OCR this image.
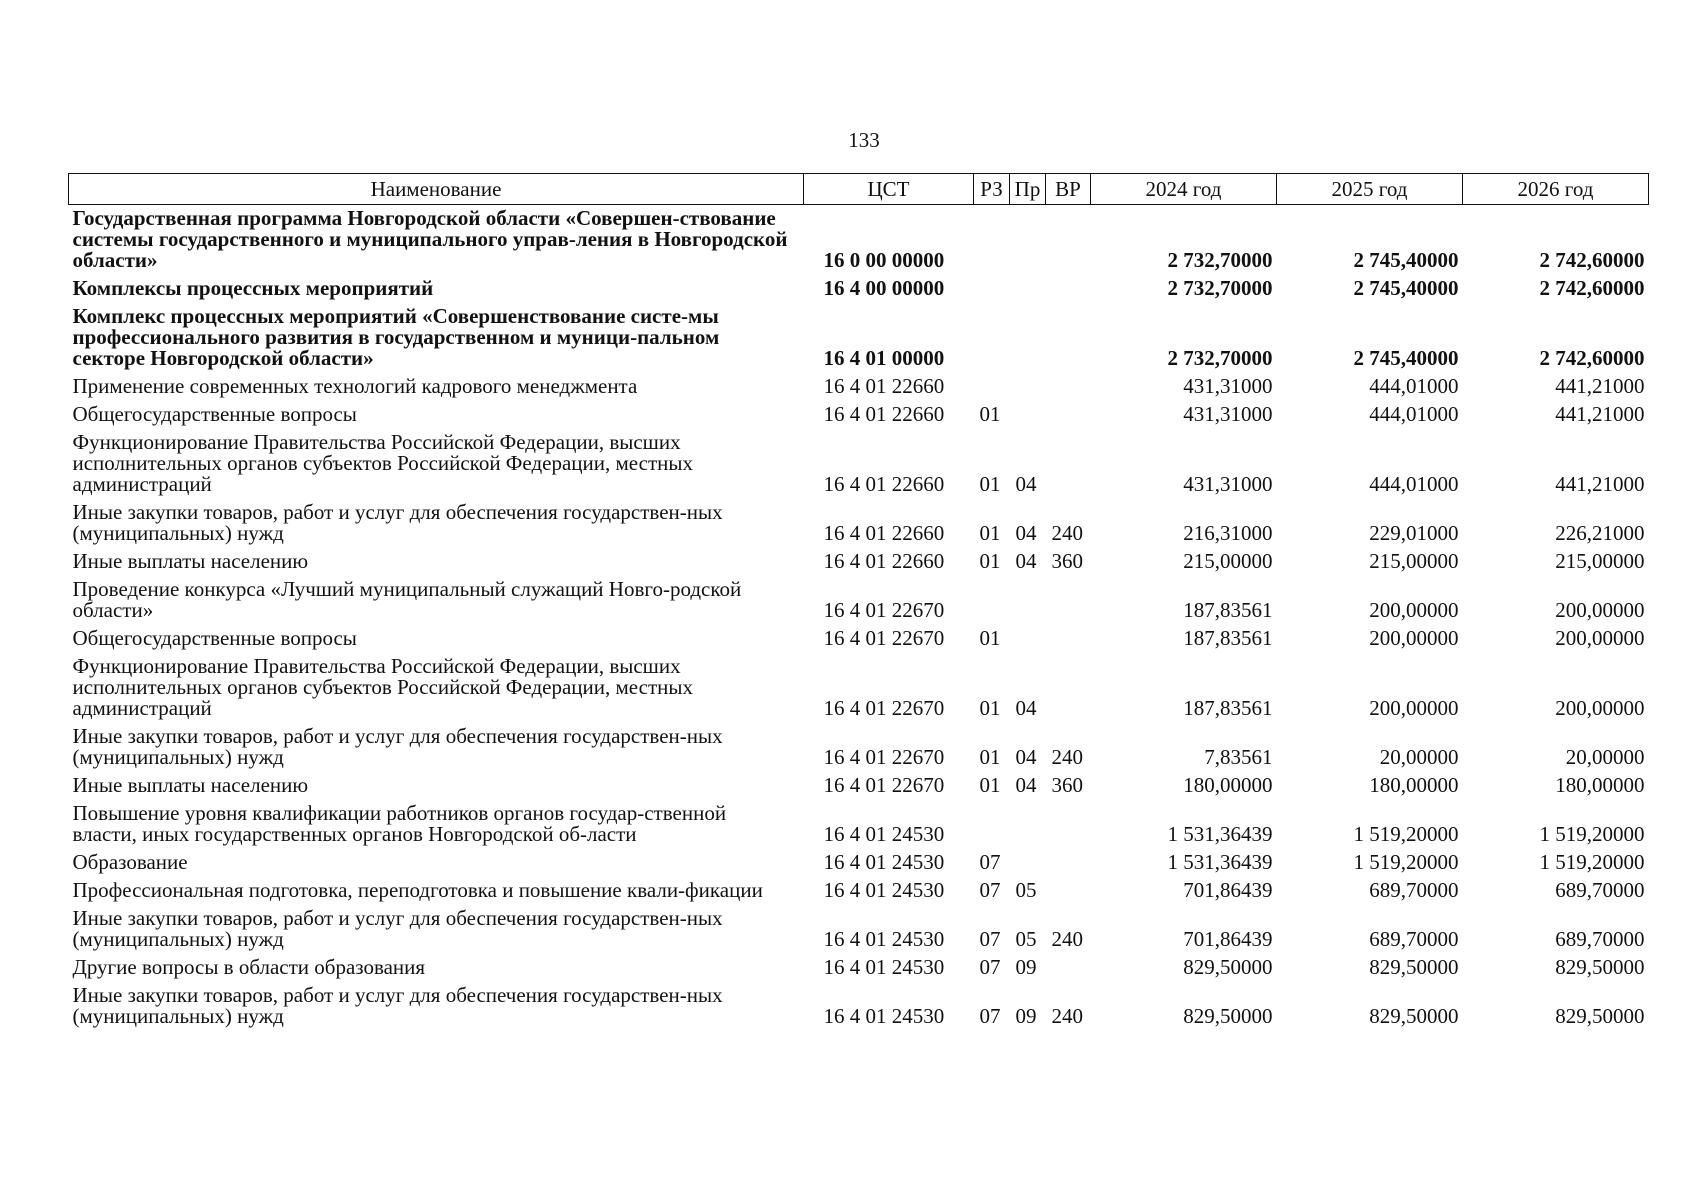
133
Наименование	ЦСТ	РЗ	Пр	ВР	2024 год	2025 год	2026 год
Государственная программа Новгородской области «Совершен-ствование системы государственного и муниципального управ-ления в Новгородской области»	16 0 00 00000				2 732,70000	2 745,40000	2 742,60000
Комплексы процессных мероприятий	16 4 00 00000				2 732,70000	2 745,40000	2 742,60000
Комплекс процессных мероприятий «Совершенствование систе-мы профессионального развития в государственном и муници-пальном секторе Новгородской области»	16 4 01 00000				2 732,70000	2 745,40000	2 742,60000
Применение современных технологий кадрового менеджмента	16 4 01 22660				431,31000	444,01000	441,21000
Общегосударственные вопросы	16 4 01 22660	01			431,31000	444,01000	441,21000
Функционирование Правительства Российской Федерации, высших исполнительных органов субъектов Российской Федерации, местных администраций	16 4 01 22660	01	04		431,31000	444,01000	441,21000
Иные закупки товаров, работ и услуг для обеспечения государствен-ных (муниципальных) нужд	16 4 01 22660	01	04	240	216,31000	229,01000	226,21000
Иные выплаты населению	16 4 01 22660	01	04	360	215,00000	215,00000	215,00000
Проведение конкурса «Лучший муниципальный служащий Новго-родской области»	16 4 01 22670				187,83561	200,00000	200,00000
Общегосударственные вопросы	16 4 01 22670	01			187,83561	200,00000	200,00000
Функционирование Правительства Российской Федерации, высших исполнительных органов субъектов Российской Федерации, местных администраций	16 4 01 22670	01	04		187,83561	200,00000	200,00000
Иные закупки товаров, работ и услуг для обеспечения государствен-ных (муниципальных) нужд	16 4 01 22670	01	04	240	7,83561	20,00000	20,00000
Иные выплаты населению	16 4 01 22670	01	04	360	180,00000	180,00000	180,00000
Повышение уровня квалификации работников органов государ-ственной власти, иных государственных органов Новгородской об-ласти	16 4 01 24530				1 531,36439	1 519,20000	1 519,20000
Образование	16 4 01 24530	07			1 531,36439	1 519,20000	1 519,20000
Профессиональная подготовка, переподготовка и повышение квали-фикации	16 4 01 24530	07	05		701,86439	689,70000	689,70000
Иные закупки товаров, работ и услуг для обеспечения государствен-ных (муниципальных) нужд	16 4 01 24530	07	05	240	701,86439	689,70000	689,70000
Другие вопросы в области образования	16 4 01 24530	07	09		829,50000	829,50000	829,50000
Иные закупки товаров, работ и услуг для обеспечения государствен-ных (муниципальных) нужд	16 4 01 24530	07	09	240	829,50000	829,50000	829,50000
